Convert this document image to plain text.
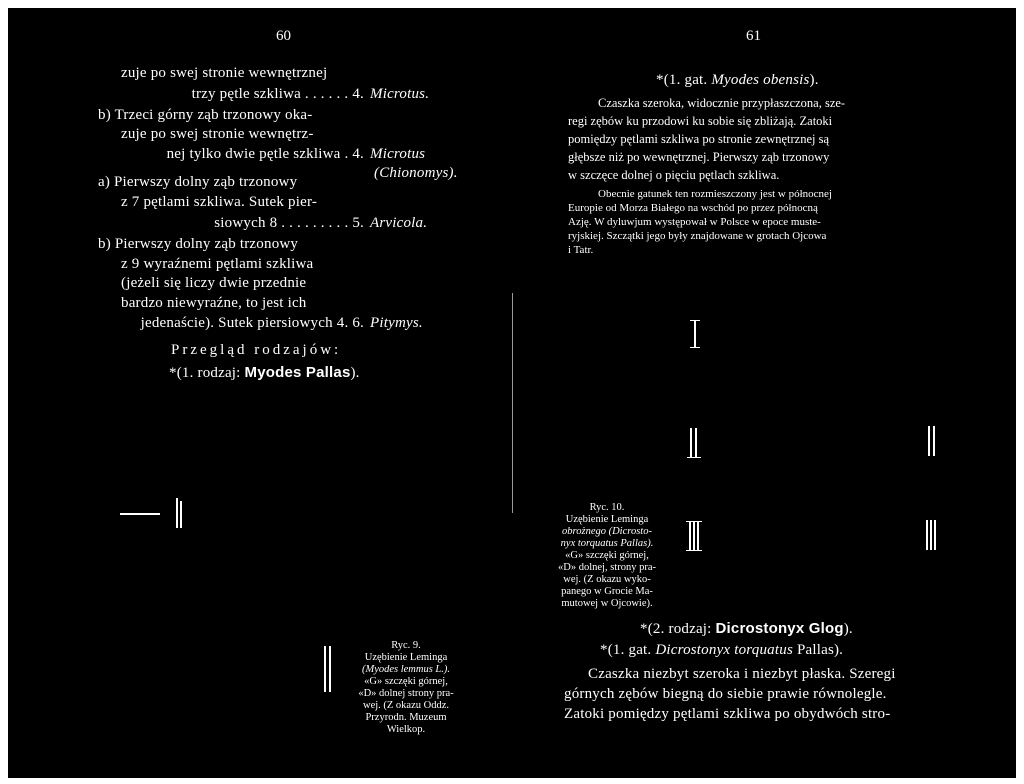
60
zuje po swej stronie wewnętrznej
trzy pętle szkliwa . . . . . . 4. Microtus.
b) Trzeci górny ząb trzonowy oka-
zuje po swej stronie wewnętrz-
nej tylko dwie pętle szkliwa . 4. Microtus
(Chionomys).
a) Pierwszy dolny ząb trzonowy
z 7 pętlami szkliwa. Sutek pier-
siowych 8 . . . . . . . . . 5. Arvicola.
b) Pierwszy dolny ząb trzonowy
z 9 wyraźnemi pętlami szkliwa
(jeżeli się liczy dwie przednie
bardzo niewyraźne, to jest ich
jedenaście). Sutek piersiowych 4. 6. Pitymys.
Przegląd rodzajów:
*(1. rodzaj: Myodes Pallas).
Ryc. 9.
Uzębienie Leminga
(Myodes lemmus L.).
«G» szczęki górnej,
«D» dolnej strony pra-
wej. (Z okazu Oddz.
Przyrodn. Muzeum
Wielkop.
61
*(1. gat. Myodes obensis).
Czaszka szeroka, widocznie przypłaszczona, sze-
regi zębów ku przodowi ku sobie się zbliżają. Zatoki
pomiędzy pętlami szkliwa po stronie zewnętrznej są
głębsze niż po wewnętrznej. Pierwszy ząb trzonowy
w szczęce dolnej o pięciu pętlach szkliwa.
Obecnie gatunek ten rozmieszczony jest w północnej
Europie od Morza Białego na wschód po przez północną
Azję. W dyluwjum występował w Polsce w epoce muste-
ryjskiej. Szczątki jego były znajdowane w grotach Ojcowa
i Tatr.
Ryc. 10.
Uzębienie Leminga
obrożnego (Dicrosto-
nyx torquatus Pallas).
«G» szczęki górnej,
«D» dolnej, strony pra-
wej. (Z okazu wyko-
panego w Grocie Ma-
mutowej w Ojcowie).
*(2. rodzaj: Dicrostonyx Glog).
*(1. gat. Dicrostonyx torquatus Pallas).
Czaszka niezbyt szeroka i niezbyt płaska. Szeregi
górnych zębów biegną do siebie prawie równolegle.
Zatoki pomiędzy pętlami szkliwa po obydwóch stro-
